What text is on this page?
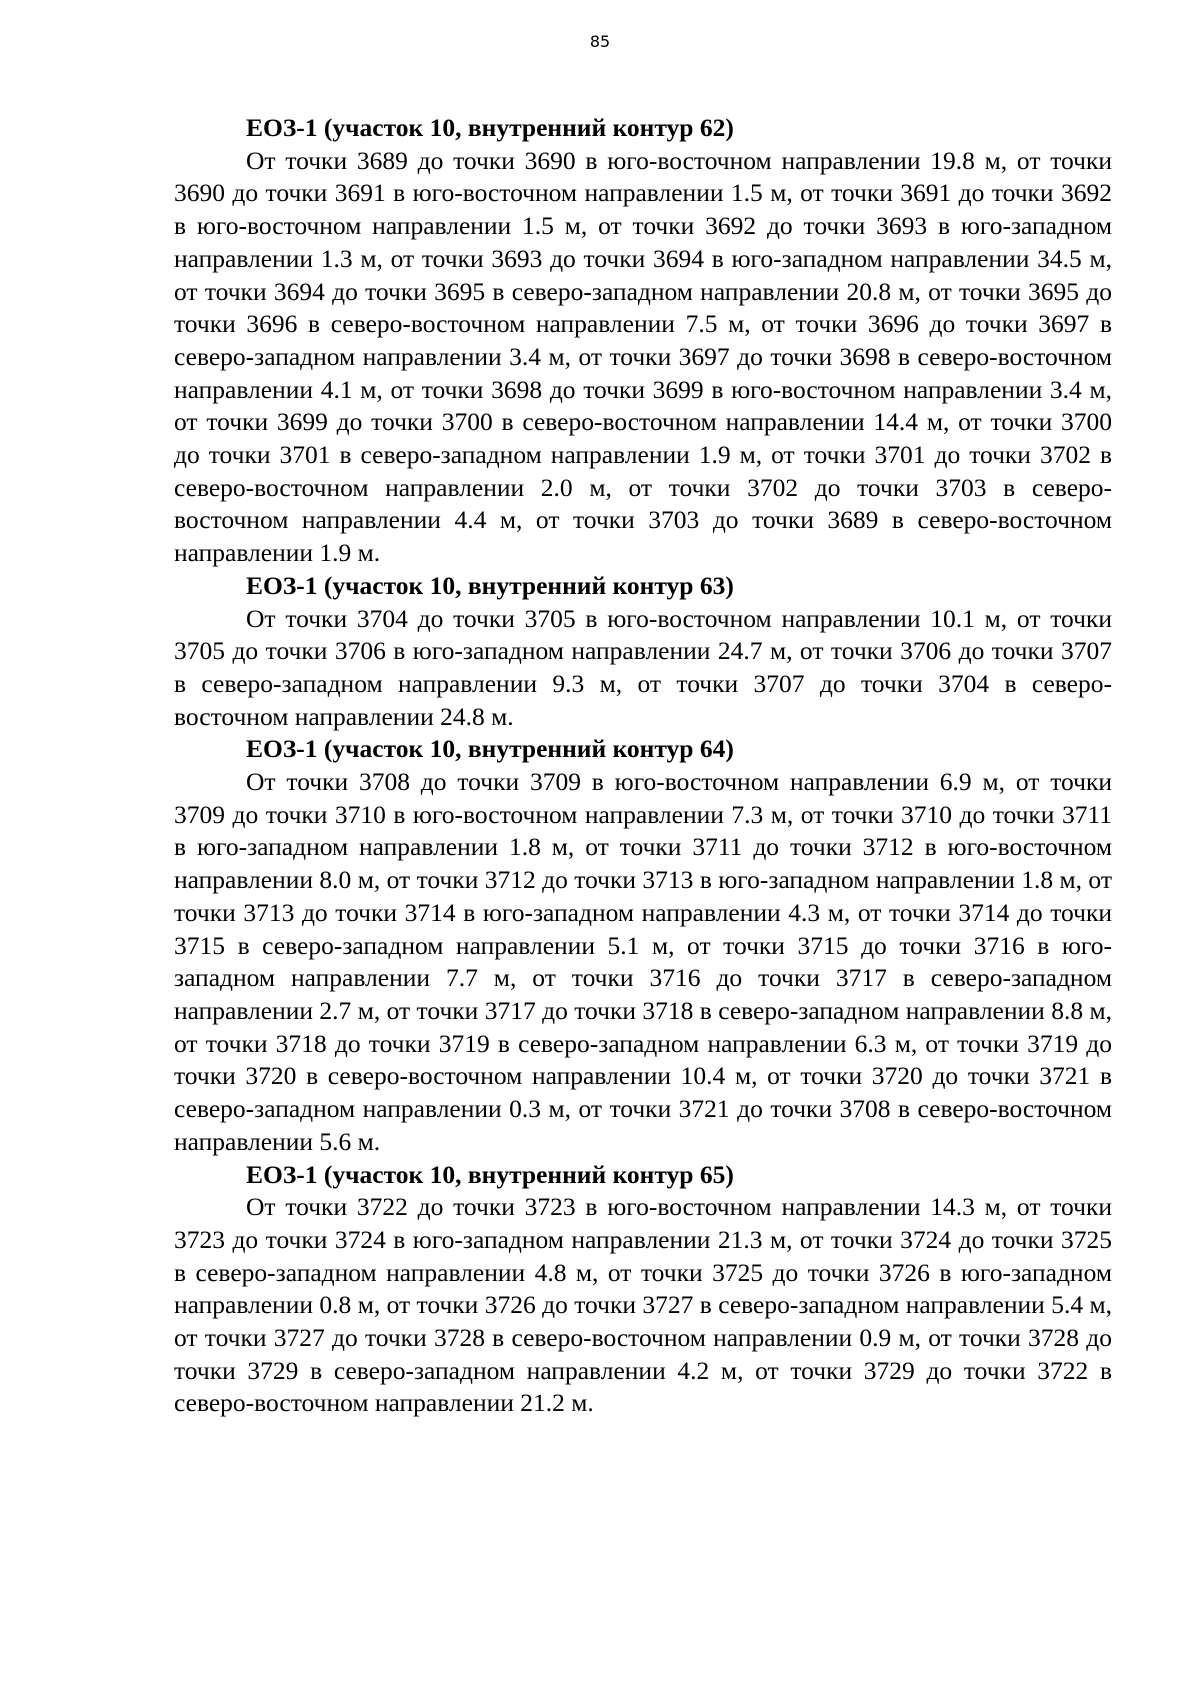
85

ЕОЗ-1 (участок 10, внутренний контур 62)

От точки 3689 до точки 3690 в юго-восточном направлении 19.8 м, от точки 3690 до точки 3691 в юго-восточном направлении 1.5 м, от точки 3691 до точки 3692 в юго-восточном направлении 1.5 м, от точки 3692 до точки 3693 в юго-западном направлении 1.3 м, от точки 3693 до точки 3694 в юго-западном направлении 34.5 м, от точки 3694 до точки 3695 в северо-западном направлении 20.8 м, от точки 3695 до точки 3696 в северо-восточном направлении 7.5 м, от точки 3696 до точки 3697 в северо-западном направлении 3.4 м, от точки 3697 до точки 3698 в северо-восточном направлении 4.1 м, от точки 3698 до точки 3699 в юго-восточном направлении 3.4 м, от точки 3699 до точки 3700 в северо-восточном направлении 14.4 м, от точки 3700 до точки 3701 в северо-западном направлении 1.9 м, от точки 3701 до точки 3702 в северо-восточном направлении 2.0 м, от точки 3702 до точки 3703 в северо-восточном направлении 4.4 м, от точки 3703 до точки 3689 в северо-восточном направлении 1.9 м.

ЕОЗ-1 (участок 10, внутренний контур 63)

От точки 3704 до точки 3705 в юго-восточном направлении 10.1 м, от точки 3705 до точки 3706 в юго-западном направлении 24.7 м, от точки 3706 до точки 3707 в северо-западном направлении 9.3 м, от точки 3707 до точки 3704 в северо-восточном направлении 24.8 м.

ЕОЗ-1 (участок 10, внутренний контур 64)

От точки 3708 до точки 3709 в юго-восточном направлении 6.9 м, от точки 3709 до точки 3710 в юго-восточном направлении 7.3 м, от точки 3710 до точки 3711 в юго-западном направлении 1.8 м, от точки 3711 до точки 3712 в юго-восточном направлении 8.0 м, от точки 3712 до точки 3713 в юго-западном направлении 1.8 м, от точки 3713 до точки 3714 в юго-западном направлении 4.3 м, от точки 3714 до точки 3715 в северо-западном направлении 5.1 м, от точки 3715 до точки 3716 в юго-западном направлении 7.7 м, от точки 3716 до точки 3717 в северо-западном направлении 2.7 м, от точки 3717 до точки 3718 в северо-западном направлении 8.8 м, от точки 3718 до точки 3719 в северо-западном направлении 6.3 м, от точки 3719 до точки 3720 в северо-восточном направлении 10.4 м, от точки 3720 до точки 3721 в северо-западном направлении 0.3 м, от точки 3721 до точки 3708 в северо-восточном направлении 5.6 м.

ЕОЗ-1 (участок 10, внутренний контур 65)

От точки 3722 до точки 3723 в юго-восточном направлении 14.3 м, от точки 3723 до точки 3724 в юго-западном направлении 21.3 м, от точки 3724 до точки 3725 в северо-западном направлении 4.8 м, от точки 3725 до точки 3726 в юго-западном направлении 0.8 м, от точки 3726 до точки 3727 в северо-западном направлении 5.4 м, от точки 3727 до точки 3728 в северо-восточном направлении 0.9 м, от точки 3728 до точки 3729 в северо-западном направлении 4.2 м, от точки 3729 до точки 3722 в северо-восточном направлении 21.2 м.
